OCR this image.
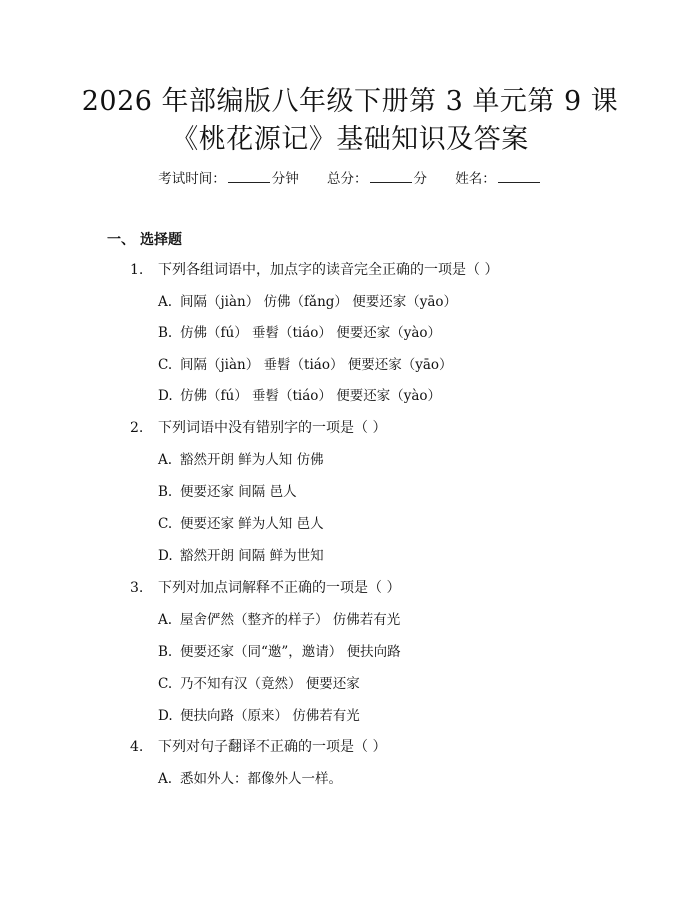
2026 年部编版八年级下册第 3 单元第 9 课
《桃花源记》基础知识及答案
考试时间：	分钟 总分：	分 姓名：
一、 选择题
1. 下列各组词语中，加点字的读音完全正确的一项是（ ）
A. 间隔（jiàn） 仿佛（fǎng） 便要还家（yāo）
B. 仿佛（fú） 垂髫（tiáo） 便要还家（yào）
C. 间隔（jiàn） 垂髫（tiáo） 便要还家（yāo）
D. 仿佛（fú） 垂髫（tiáo） 便要还家（yào）
2. 下列词语中没有错别字的一项是（ ）
A. 豁然开朗 鲜为人知 仿佛
B. 便要还家 间隔 邑人
C. 便要还家 鲜为人知 邑人
D. 豁然开朗 间隔 鲜为世知
3. 下列对加点词解释不正确的一项是（ ）
A. 屋舍俨然（整齐的样子） 仿佛若有光
B. 便要还家（同“邀”，邀请） 便扶向路
C. 乃不知有汉（竟然） 便要还家
D. 便扶向路（原来） 仿佛若有光
4. 下列对句子翻译不正确的一项是（ ）
A. 悉如外人：都像外人一样。
